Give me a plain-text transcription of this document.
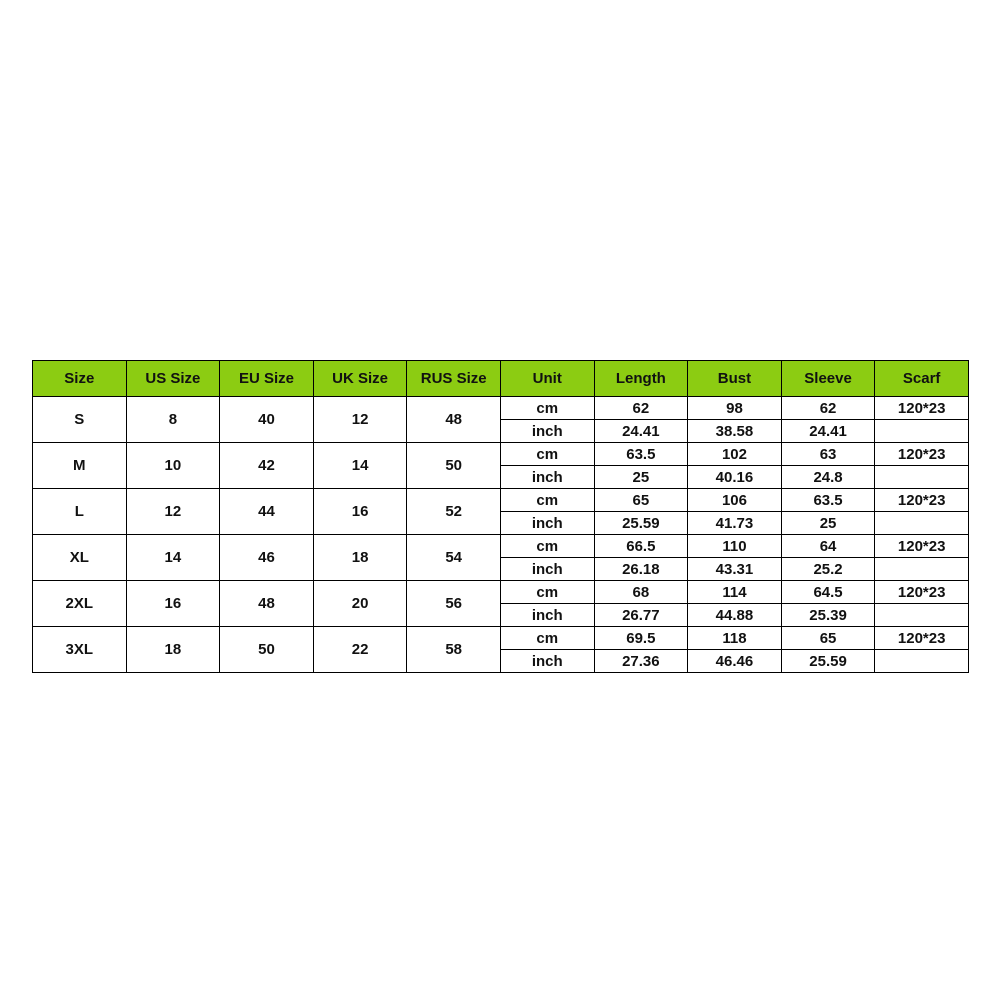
Size	US Size	EU Size	UK Size	RUS Size	Unit	Length	Bust	Sleeve	Scarf
S	8	40	12	48	cm	62	98	62	120*23
					inch	24.41	38.58	24.41	
M	10	42	14	50	cm	63.5	102	63	120*23
					inch	25	40.16	24.8	
L	12	44	16	52	cm	65	106	63.5	120*23
					inch	25.59	41.73	25	
XL	14	46	18	54	cm	66.5	110	64	120*23
					inch	26.18	43.31	25.2	
2XL	16	48	20	56	cm	68	114	64.5	120*23
					inch	26.77	44.88	25.39	
3XL	18	50	22	58	cm	69.5	118	65	120*23
					inch	27.36	46.46	25.59	
